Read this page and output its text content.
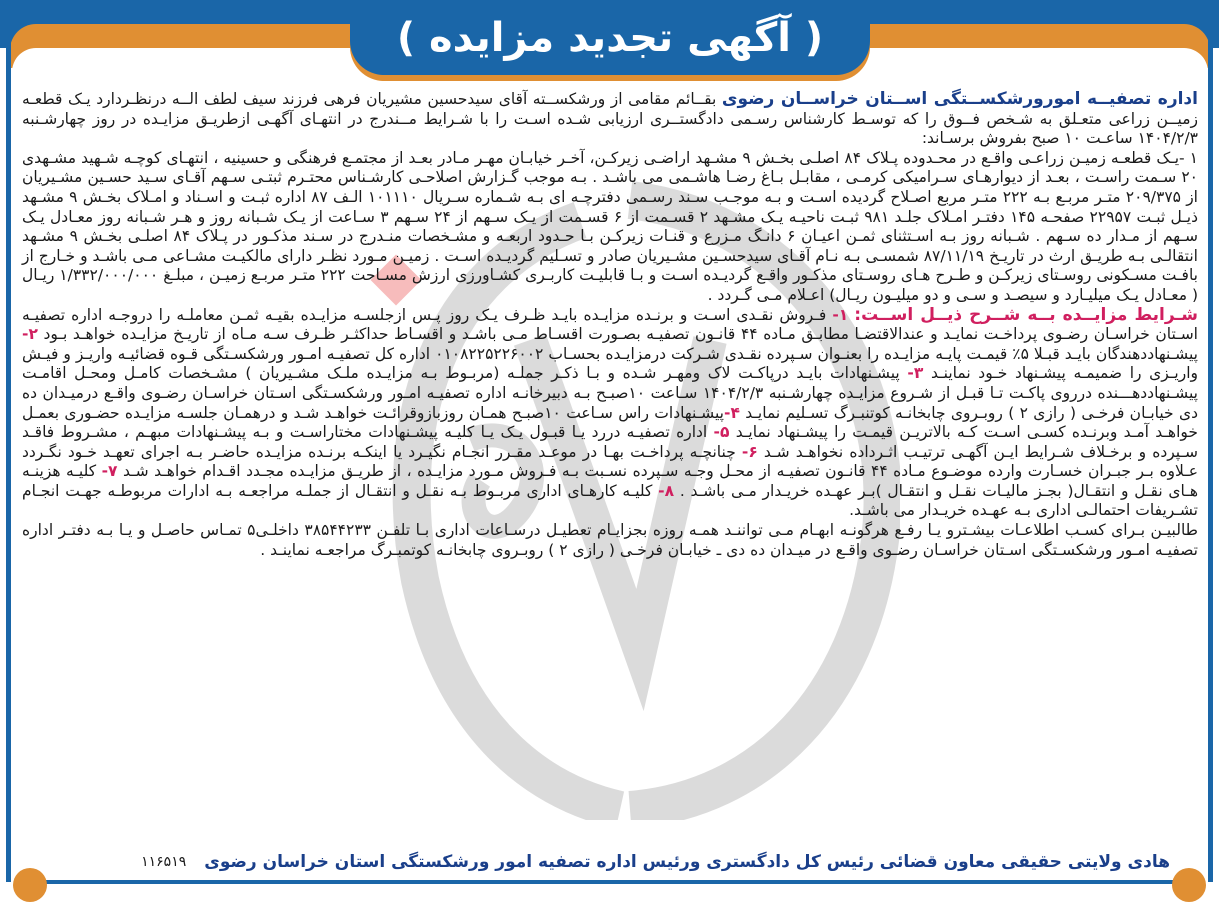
( آگهی تجدید مزایده )

اداره تصفیــه امورورشکســتگی اســتان خراســان رضوی بقــائم مقامی از ورشکســته آقای سیدحسین مشیریان فرهی فرزند سیف لطف الــه درنظـردارد یـک قطعـه زمیــن زراعی متعـلق به شـخص فــوق را که توسـط کارشناس رسـمی دادگستــری ارزیابی شـده اسـت را با شـرایط مــندرج در انتهـای آگهـی ازطریـق مزایـده در روز چهارشـنبه ۱۴۰۴/۲/۳ ساعـت ۱۰ صبح بفروش برسـاند:

۱ -یـک قطعـه زمیـن زراعـی واقـع در محـدوده پـلاک ۸۴ اصلـی بخـش ۹ مشـهد اراضـی زیرکـن، آخـر خیابـان مهـر مـادر بعـد از مجتمـع فرهنگی و حسینیه ، انتهـای کوچـه شـهید مشـهدی ۲۰ سـمت راسـت ، بعـد از دیوارهـای سـرامیکی کرمـی ، مقابـل بـاغ رضـا هاشـمی می باشـد . بـه موجب گـزارش اصلاحـی کارشـناس محتـرم ثبتـی سـهم آقـای سـید حسـین مشـیریان از ۲۰۹/۳۷۵ متـر مربـع بـه ۲۲۲ متـر مربع اصـلاح گردیده اسـت و بـه موجـب سـند رسـمی دفترچـه ای بـه شـماره سـریال ۱۰۱۱۱۰ الـف ۸۷ اداره ثبـت و اسـناد و امـلاک بخـش ۹ مشـهد ذیـل ثبـت ۲۲۹۵۷ صفحـه ۱۴۵ دفتـر امـلاک جلـد ۹۸۱ ثبـت ناحیـه یـک مشـهد ۲ قسـمت از ۶ قسـمت از یـک سـهم از ۲۴ سـهم ۳ سـاعت از یـک شـبانه روز و هـر شـبانه روز معـادل یـک سـهم از مـدار ده سـهم . شـبانه روز بـه اسـتثنای ثمـن اعیـان ۶ دانـگ مـزرع و قنـات زیرکـن بـا حـدود اربعـه و مشـخصات منـدرج در سـند مذکـور در پـلاک ۸۴ اصلـی بخـش ۹ مشـهد انتقالـی بـه طریـق ارث در تاریـخ ۸۷/۱۱/۱۹ شمسـی بـه نـام آقـای سیدحسـین مشـیریان صادر و تسـلیم گردیـده اسـت . زمیـن مـورد نظـر دارای مالکیـت مشـاعی مـی باشـد و خـارج از بافـت مسـکونی روسـتای زیرکـن و طـرح هـای روسـتای مذکـور واقـع گردیـده اسـت و بـا قابلیـت کاربـری کشـاورزی ارزش مسـاحت ۲۲۲ متـر مربـع زمیـن ، مبلـغ ۱/۳۳۲/۰۰۰/۰۰۰ ریـال ( معـادل یـک میلیـارد و سیصـد و سـی و دو میلیـون ریـال) اعـلام مـی گـردد .

شـرایط مزایــده بــه شــرح ذیــل اســت: ۱- فـروش نقـدی اسـت و برنـده مزایـده بایـد ظـرف یـک روز پـس ازجلسـه مزایـده بقیـه ثمـن معاملـه را دروجـه اداره تصفیـه اسـتان خراسـان رضـوی پرداخـت نمایـد و عندالاقتضـا مطابـق مـاده ۴۴ قانـون تصفیـه بصـورت اقسـاط مـی باشـد و اقسـاط حداکثـر ظـرف سـه مـاه از تاریـخ مزایـده خواهـد بـود ۲- پیشـنهاددهندگان بایـد قبـلا ۵٪ قیمـت پایـه مزایـده را بعنـوان سـپرده نقـدی شـرکت درمزایـده بحسـاب ۰۱۰۸۲۲۵۲۲۶۰۰۲ اداره کل تصفیـه امـور ورشکسـتگی قـوه قضائیـه واریـز و فیـش واریـزی را ضمیمـه پیشـنهاد خـود نماینـد ۳- پیشـنهادات بایـد درپاکـت لاک ومهـر شـده و بـا ذکـر جملـه (مربـوط بـه مزایـده ملـک مشـیریان ) مشـخصات کامـل ومحـل اقامـت پیشـنهاددهـــنده درروی پاکـت تـا قبـل از شـروع مزایـده چهارشـنبه ۱۴۰۴/۲/۳ سـاعت ۱۰صبـح بـه دبیرخانـه اداره تصفیـه امـور ورشکسـتگی اسـتان خراسـان رضـوی واقـع درمیـدان ده دی خیابـان فرخـی ( رازی ۲ ) روبـروی چابخانـه کوتنبـرگ تسـلیم نمایـد ۴-پیشـنهادات راس سـاعت ۱۰صبـح همـان روزبازوقرائـت خواهـد شـد و درهمـان جلسـه مزایـده حضـوری بعمـل خواهـد آمـد وبرنـده کسـی اسـت کـه بالاتریـن قیمـت را پیشـنهاد نمایـد ۵- اداره تصفیـه دررد یـا قبـول یـک یـا کلیـه پیشـنهادات مختاراسـت و بـه پیشـنهادات مبهـم ، مشـروط فاقـد سـپرده و برخـلاف شـرایط ایـن آگهـی ترتیـب اثـرداده نخواهـد شـد ۶- چنانچـه پرداخـت بهـا در موعـد مقـرر انجـام نگیـرد یا اینکـه برنـده مزایـده حاضـر بـه اجرای تعهـد خـود نگـردد عـلاوه بـر جبـران خسـارت وارده موضـوع مـاده ۴۴ قانـون تصفیـه از محـل وجـه سـپرده نسـبت بـه فـروش مـورد مزایـده ، از طریـق مزایـده مجـدد اقـدام خواهـد شـد ۷- کلیـه هزینـه هـای نقـل و انتقـال( بجـز مالیـات نقـل و انتقـال )بـر عهـده خریـدار مـی باشـد . ۸- کلیـه کارهـای اداری مربـوط بـه نقـل و انتقـال از جملـه مراجعـه بـه ادارات مربوطـه جهـت انجـام تشـریفات احتمالـی اداری بـه عهـده خریـدار می باشـد.

طالبیـن بـرای کسـب اطلاعـات بیشـترو یـا رفـع هرگونـه ابهـام مـی تواننـد همـه روزه بجزایـام تعطیـل درسـاعات اداری بـا تلفـن ۳۸۵۴۴۲۳۳ داخلـی۵ تمـاس حاصـل و یـا بـه دفتـر اداره تصفیـه امـور ورشکسـتگی اسـتان خراسـان رضـوی واقـع در میـدان ده دی ـ خیابـان فرخـی ( رازی ۲ ) روبـروی چابخانـه کوتمبـرگ مراجعـه نماینـد .

هادی ولایتی حقیقی معاون قضائی رئیس کل دادگستری ورئیس اداره تصفیه امور ورشکستگی استان خراسان رضوی
۱۱۶۵۱۹
